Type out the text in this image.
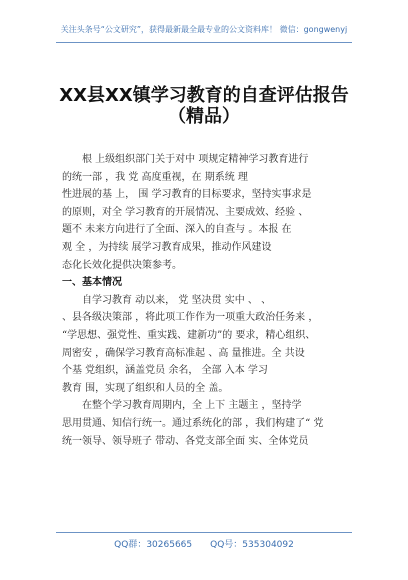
关注头条号“公文研究”，获得最新最全最专业的公文资料库！ 微信：gongwenyj
XX县XX镇学习教育的自查评估报告
（精品）

根 上级组织部门关于对中 项规定精神学习教育进行

的统一部 ，我 党 高度重视，在 期系统 理

性进展的基 上， 围 学习教育的目标要求，坚持实事求是

的原则，对全 学习教育的开展情况、主要成效、经验 、

题不 未来方向进行了全面、深入的自查与 。本报 在

观 全 ，为持续 展学习教育成果，推动作风建设

态化长效化提供决策参考。

一、基本情况

自学习教育 动以来， 党 坚决贯 实中 、 、

、县各级决策部 ，将此项工作作为一项重大政治任务来 ，

“学思想、强党性、重实践、建新功”的 要求，精心组织、

周密安 ，确保学习教育高标准起 、高 量推进。全 共设

个基 党组织，涵盖党员 余名， 全部 入本 学习

教育 围，实现了组织和人员的全 盖。

在整个学习教育周期内，全 上下 主题主 ，坚持学

思用贯通、知信行统一。通过系统化的部 ，我们构建了“ 党

统一领导、领导班子 带动、各党支部全面 实、全体党员

QQ群：30265665 QQ号：535304092
